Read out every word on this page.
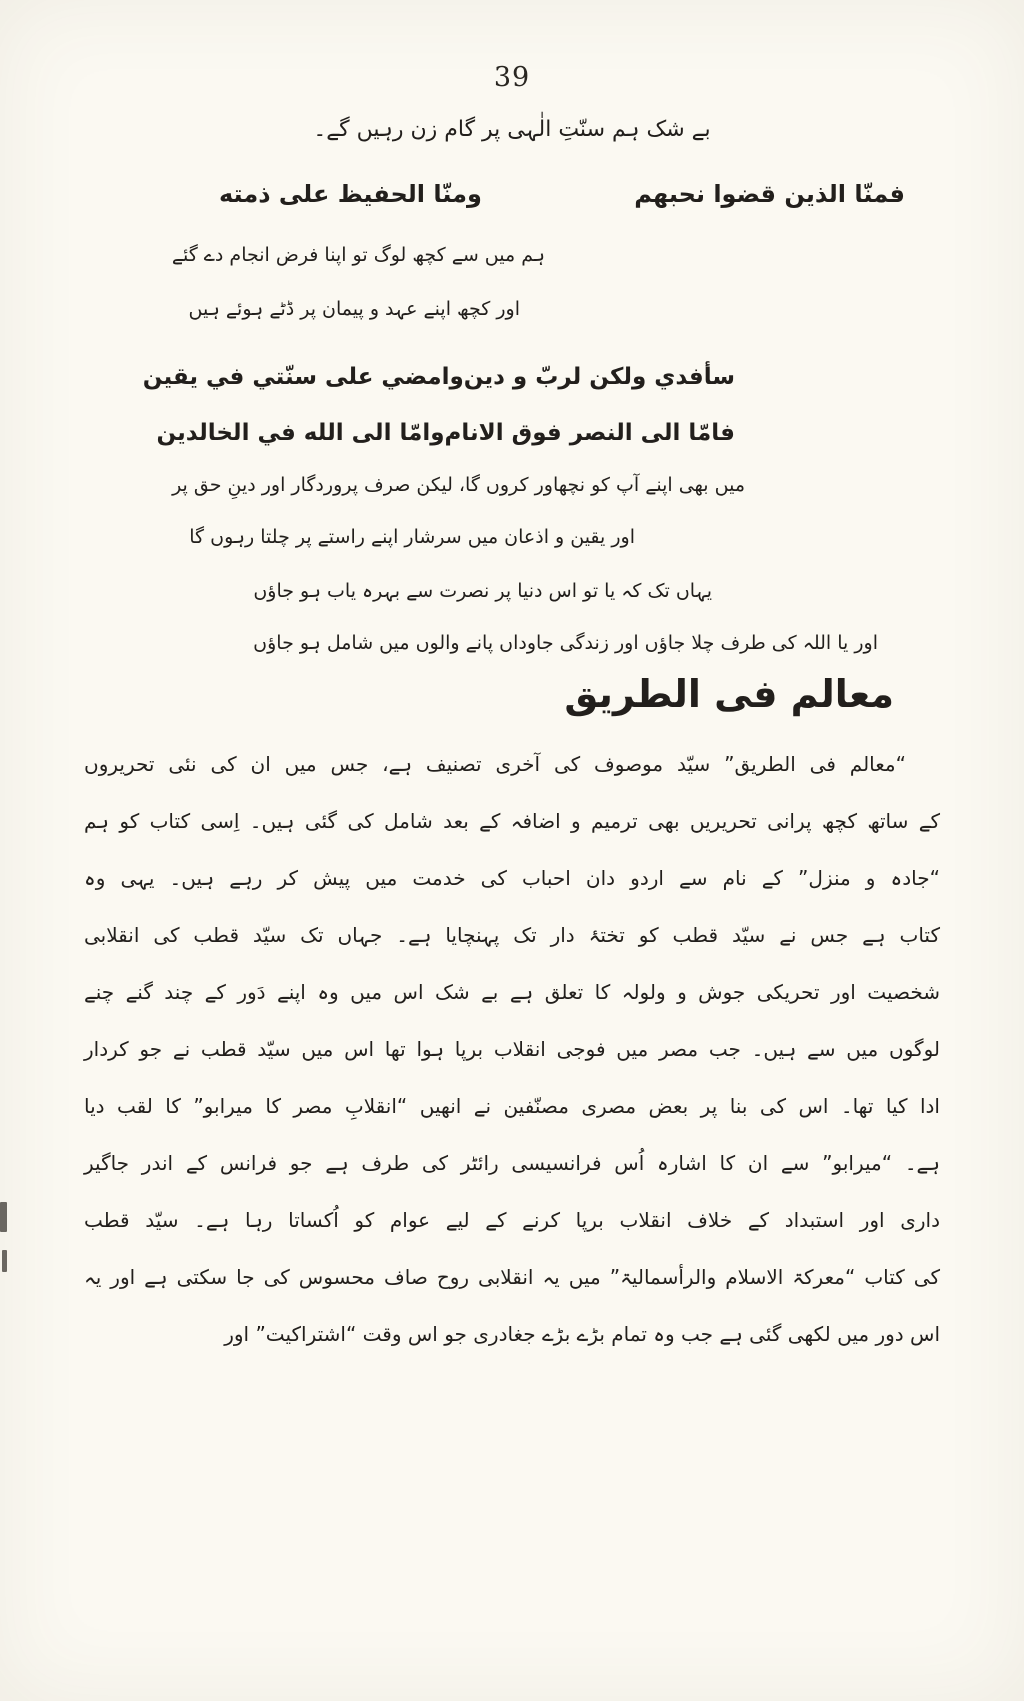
39
بے شک ہم سنّتِ الٰہی پر گام زن رہیں گے۔
فمنّا الذين قضوا نحبهم
ومنّا الحفيظ على ذمته
ہم میں سے کچھ لوگ تو اپنا فرض انجام دے گئے
اور کچھ اپنے عہد و پیمان پر ڈٹے ہوئے ہیں
سأفدي ولكن لربّ و دين
وامضي على سنّتي في يقين
فامّا الى النصر فوق الانام
وامّا الى الله في الخالدين
میں بھی اپنے آپ کو نچھاور کروں گا، لیکن صرف پروردگار اور دینِ حق پر
اور یقین و اذعان میں سرشار اپنے راستے پر چلتا رہوں گا
یہاں تک کہ یا تو اس دنیا پر نصرت سے بہرہ یاب ہو جاؤں
اور یا اللہ کی طرف چلا جاؤں اور زندگی جاوداں پانے والوں میں شامل ہو جاؤں
معالم فی الطریق
“معالم فی الطریق” سیّد موصوف کی آخری تصنیف ہے، جس میں ان کی نئی تحریروں
کے ساتھ کچھ پرانی تحریریں بھی ترمیم و اضافہ کے بعد شامل کی گئی ہیں۔ اِسی کتاب کو ہم
“جادہ و منزل” کے نام سے اردو دان احباب کی خدمت میں پیش کر رہے ہیں۔ یہی وہ
کتاب ہے جس نے سیّد قطب کو تختۂ دار تک پہنچایا ہے۔ جہاں تک سیّد قطب کی انقلابی
شخصیت اور تحریکی جوش و ولولہ کا تعلق ہے بے شک اس میں وہ اپنے دَور کے چند گنے چنے
لوگوں میں سے ہیں۔ جب مصر میں فوجی انقلاب برپا ہوا تھا اس میں سیّد قطب نے جو کردار
ادا کیا تھا۔ اس کی بنا پر بعض مصری مصنّفین نے انھیں “انقلابِ مصر کا میرابو” کا لقب دیا
ہے۔ “میرابو” سے ان کا اشارہ اُس فرانسیسی رائٹر کی طرف ہے جو فرانس کے اندر جاگیر
داری اور استبداد کے خلاف انقلاب برپا کرنے کے لیے عوام کو اُکساتا رہا ہے۔ سیّد قطب
کی کتاب “معرکۃ الاسلام والرأسمالیۃ” میں یہ انقلابی روح صاف محسوس کی جا سکتی ہے اور یہ
اس دور میں لکھی گئی ہے جب وہ تمام بڑے بڑے جغادری جو اس وقت “اشتراکیت” اور
